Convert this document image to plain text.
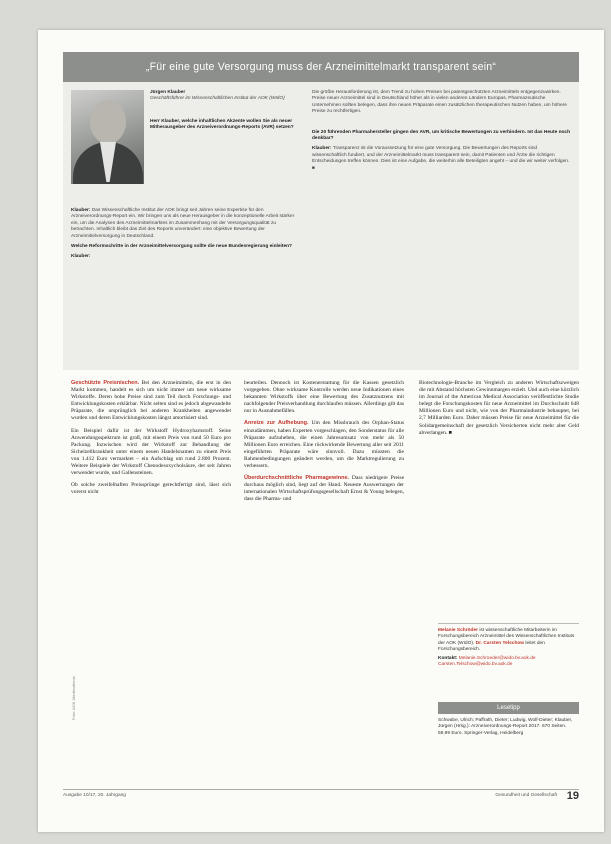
„Für eine gute Versorgung muss der Arzneimittelmarkt transparent sein“

Jürgen Klauber
Geschäftsführer im Wissenschaftlichen Institut der AOK (WIdO)

Herr Klauber, welche inhaltlichen Akzente wollen Sie als neuer Mitherausgeber des Arzneiverordnungs-Reports (AVR) setzen?

Klauber: Das Wissenschaftliche Institut der AOK bringt seit Jahren seine Expertise für den Arzneiverordnungs-Report ein. Wir bringen uns als neue Herausgeber in die konzeptionelle Arbeit stärker ein, um die Analysen des Arzneimittelmarktes im Zusammenhang mit der Versorgungsqualität zu betrachten. Inhaltlich bleibt das Ziel des Reports unverändert: eine objektive Bewertung der Arzneimittelversorgung in Deutschland.

Welche Reformschritte in der Arzneimittelversorgung sollte die neue Bundesregierung einleiten?

Klauber:

Die größte Herausforderung ist, dem Trend zu hohen Preisen bei patentgeschützten Arzneimitteln entgegenzuwirken. Preise neuer Arzneimittel sind in Deutschland höher als in vielen anderen Ländern Europas. Pharmazeutische Unternehmen sollten belegen, dass ihre neuen Präparate einen zusätzlichen therapeutischen Nutzen haben, um höhere Preise zu rechtfertigen.

Die 20 führenden Pharmahersteller gingen den AVR, um kritische Bewertungen zu verhindern. Ist das Heute noch denkbar?

Klauber: Transparenz ist die Voraussetzung für eine gute Versorgung. Die Bewertungen des Reports sind wissenschaftlich fundiert, und der Arzneimittelmarkt muss transparent sein, damit Patienten und Ärzte die richtigen Entscheidungen treffen können. Dies ist eine Aufgabe, die weiterhin alle Beteiligten angeht – und die wir weiter verfolgen. ■

Geschützte Preisnischen. Bei den Arzneimitteln, die erst in den Markt kommen, handelt es sich um nicht immer um neue wirksame Wirkstoffe. Deren hohe Preise sind zum Teil durch Forschungs- und Entwicklungskosten erklärbar. Nicht selten sind es jedoch abgewandelte Präparate, die ursprünglich bei anderen Krankheiten angewendet wurden und deren Entwicklungskosten längst amortisiert sind.

Ein Beispiel dafür ist der Wirkstoff Hydroxyharnstoff. Seine Anwendungsspektrum ist groß, mit einem Preis von rund 50 Euro pro Packung. Inzwischen wird der Wirkstoff zur Behandlung der Sichelzellkrankheit unter einem neuen Handelsnamen zu einem Preis von 1.412 Euro vermarktet – ein Aufschlag um rund 2.800 Prozent. Weitere Beispiele der Wirkstoff Chenodesoxycholsäure, der seit Jahren verwendet wurde, und Gallensteinen.

Ob solche zweifelhaften Preissprünge gerechtfertigt sind, lässt sich vorerst nicht

beurteilen. Dennoch ist Kostenerstattung für die Kassen gesetzlich vorgegeben. Ohne wirksame Kontrolle werden neue Indikationen eines bekannten Wirkstoffs über eine Bewertung des Zusatznutzens mit nachfolgender Preisverhandlung durchlaufen müssen. Allerdings gilt das nur in Ausnahmefällen.

Anreize zur Aufhebung. Um den Missbrauch des Orphan-Status einzudämmen, haben Experten vorgeschlagen, den Sonderstatus für alle Präparate aufzuheben, die einen Jahresumsatz von mehr als 50 Millionen Euro erreichen. Eine rückwirkende Bewertung aller seit 2011 eingeführten Präparate wäre sinnvoll. Dazu müssten die Rahmenbedingungen geändert werden, um die Marktregulierung zu verbessern.

Überdurchschnittliche Pharmagewinne. Dass niedrigere Preise durchaus möglich sind, liegt auf der Hand. Neueste Auswertungen der internationalen Wirtschaftsprüfungsgesellschaft Ernst & Young belegen, dass die Pharma- und

Biotechnologie-Branche im Vergleich zu anderen Wirtschaftszweigen die mit Abstand höchsten Gewinnmargen erzielt. Und auch eine kürzlich im Journal of the American Medical Association veröffentlichte Studie belegt die Forschungskosten für neue Arzneimittel im Durchschnitt 648 Millionen Euro und nicht, wie von der Pharmaindustrie behauptet, bei 2,7 Milliarden Euro. Daher müssen Preise für neue Arzneimittel für die Solidargemeinschaft der gesetzlich Versicherten nicht mehr aber Geld abverlangen. ■

Melanie Schröder ist wissenschaftliche Mitarbeiterin im Forschungsbereich Arzneimittel des Wissenschaftlichen Instituts der AOK (WIdO). Dr. Carsten Telschow leitet den Forschungsbereich.

Kontakt: Melanie.Schroeder@wido.bv.aok.de
Carsten.Telschow@wido.bv.aok.de

Lesetipp
Schwabe, Ulrich; Paffrath, Dieter; Ludwig, Wolf-Dieter; Klauber, Jürgen (Hrsg.): Arzneiverordnungs-Report 2017. 670 Seiten. 59,99 Euro. Springer-Verlag, Heidelberg
Foto: AOK-Mediendienst
Ausgabe 10/17, 20. Jahrgang	Gesundheit und Gesellschaft 19
